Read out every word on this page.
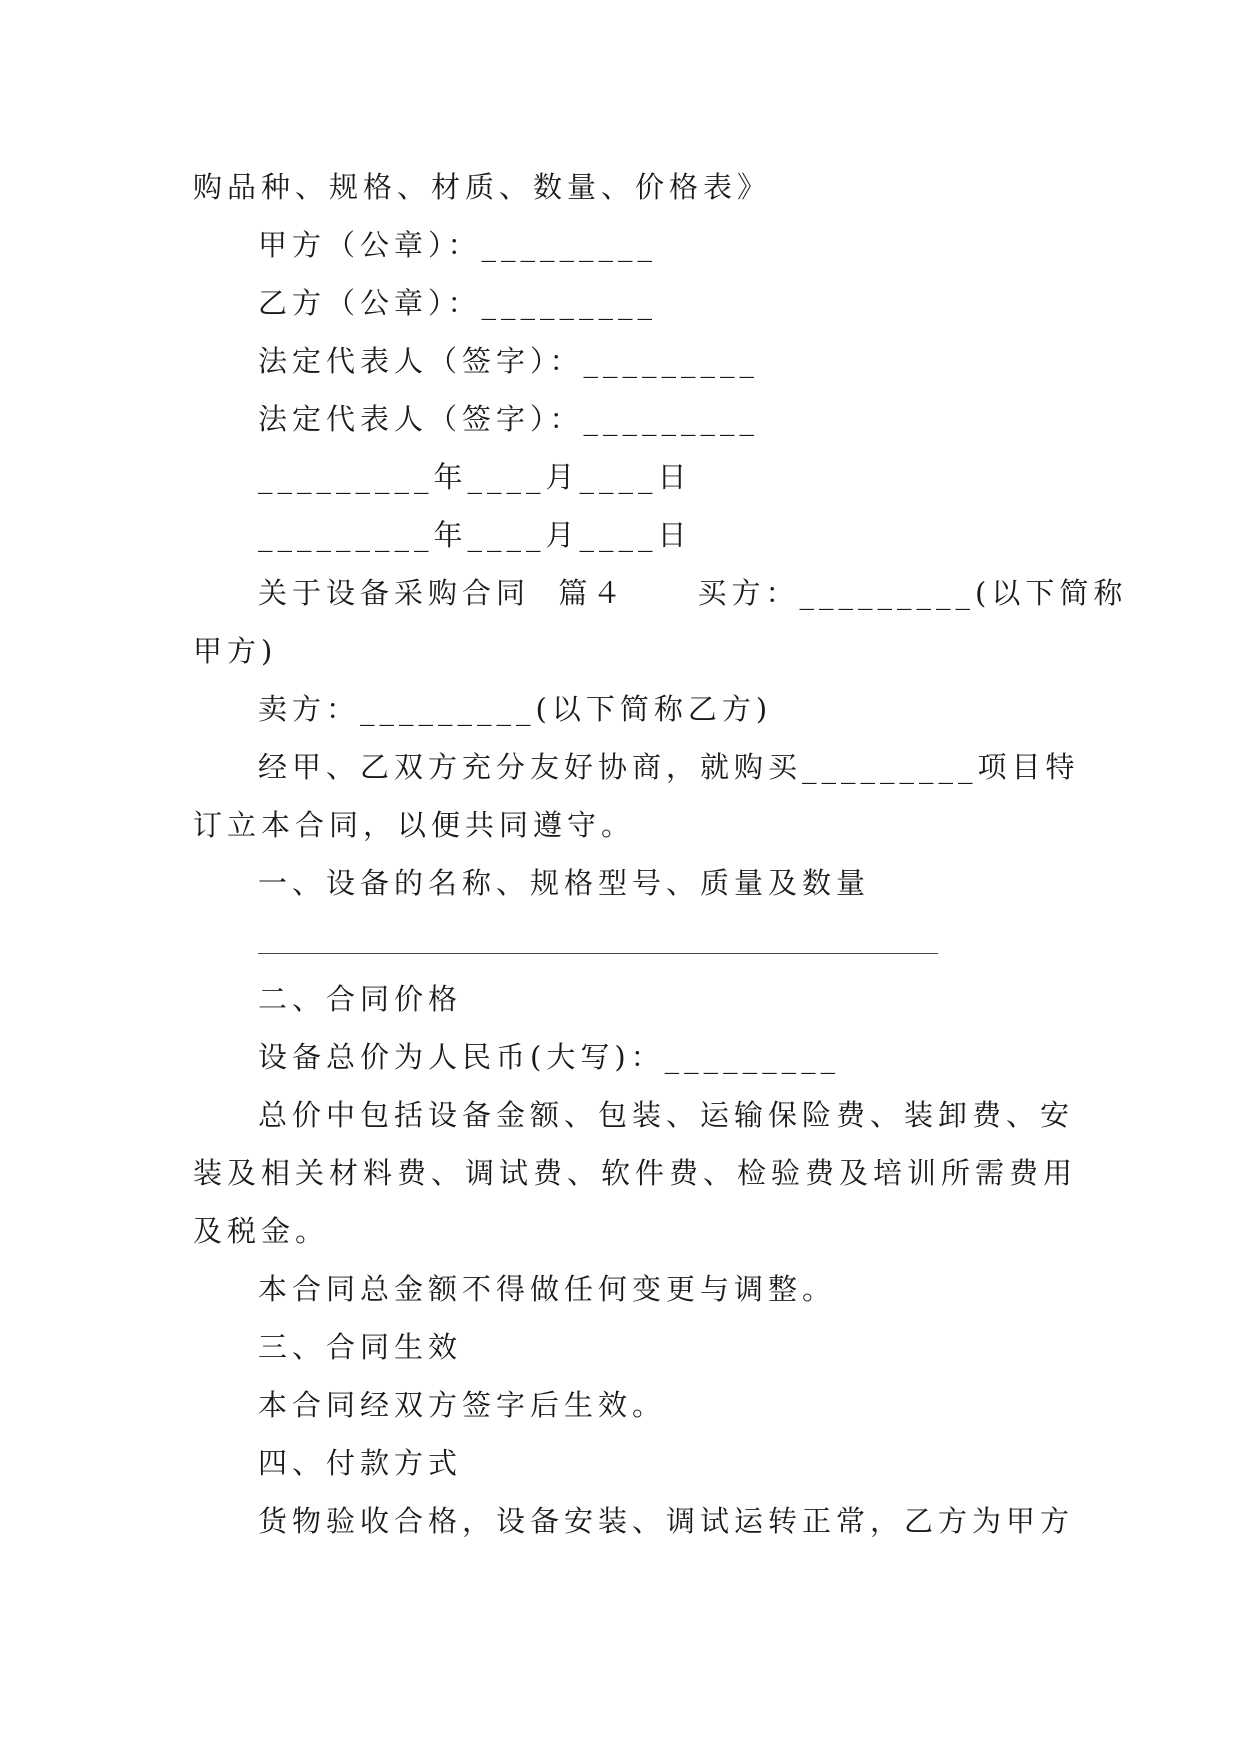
购品种、规格、材质、数量、价格表》
甲方（公章）：_________
乙方（公章）：_________
法定代表人（签字）：_________
法定代表人（签字）：_________
_________年____月____日
_________年____月____日
关于设备采购合同  篇４     买方：_________(以下简称
甲方)
卖方：_________(以下简称乙方)
经甲、乙双方充分友好协商，就购买_________项目特
订立本合同，以便共同遵守。
一、设备的名称、规格型号、质量及数量
二、合同价格
设备总价为人民币(大写)：_________
总价中包括设备金额、包装、运输保险费、装卸费、安
装及相关材料费、调试费、软件费、检验费及培训所需费用
及税金。
本合同总金额不得做任何变更与调整。
三、合同生效
本合同经双方签字后生效。
四、付款方式
货物验收合格，设备安装、调试运转正常，乙方为甲方
